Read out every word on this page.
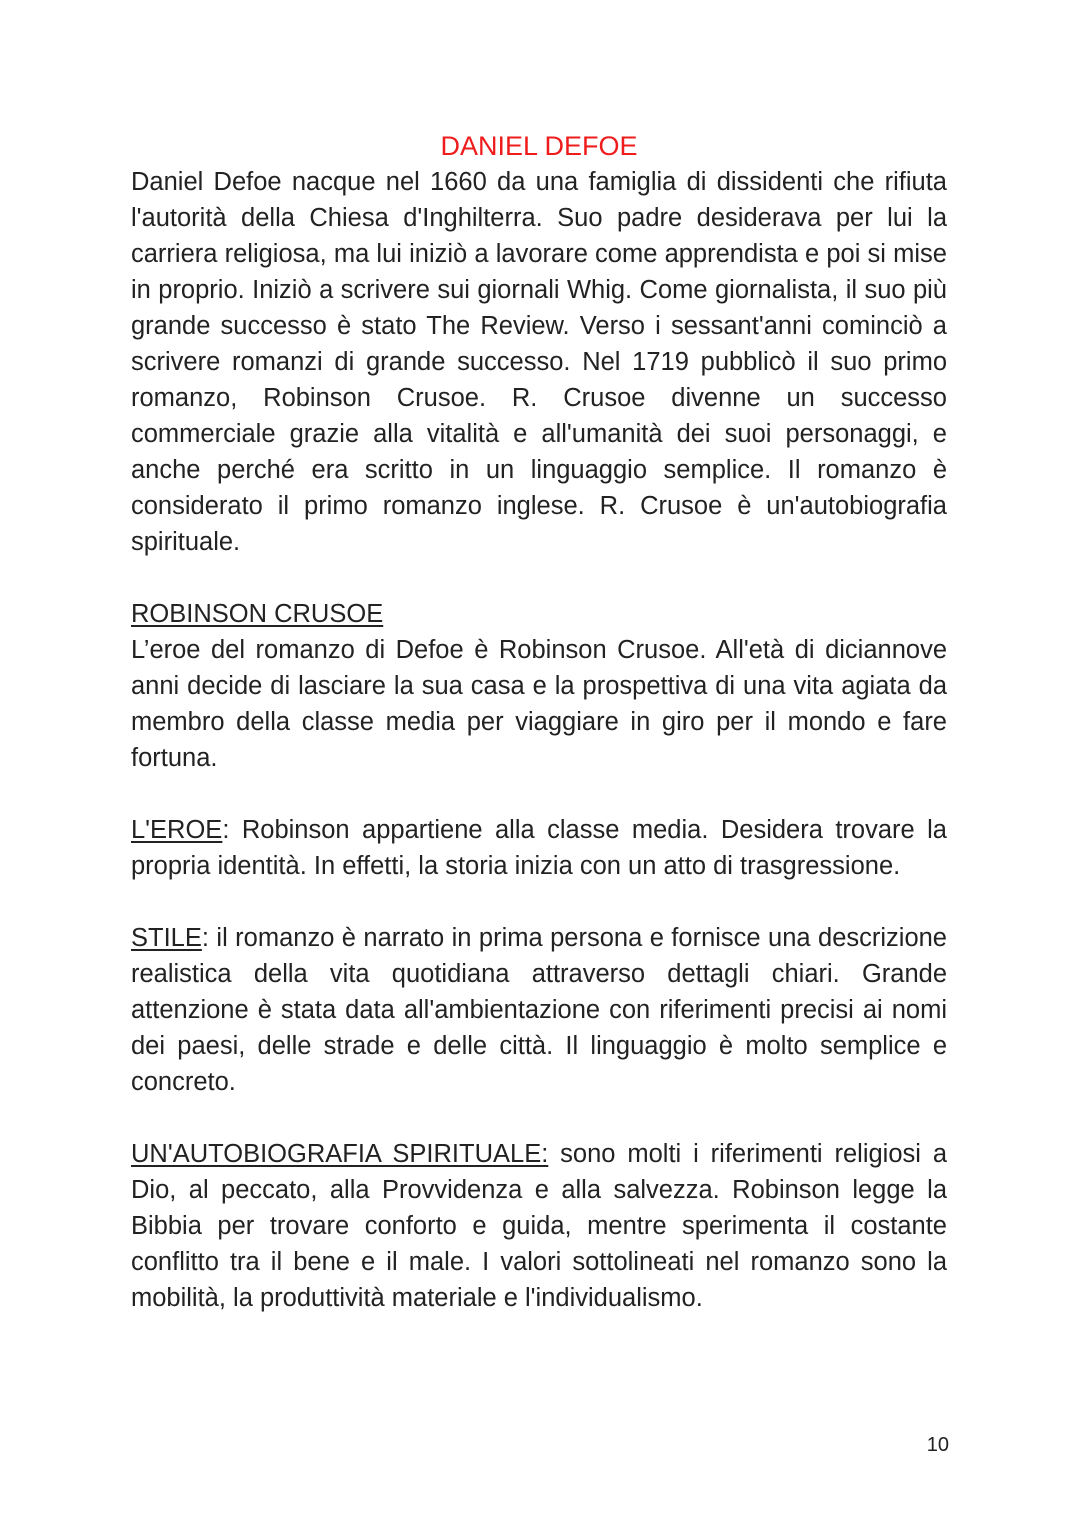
DANIEL DEFOE

Daniel Defoe nacque nel 1660 da una famiglia di dissidenti che rifiuta l'autorità della Chiesa d'Inghilterra. Suo padre desiderava per lui la carriera religiosa, ma lui iniziò a lavorare come apprendista e poi si mise in proprio. Iniziò a scrivere sui giornali Whig. Come giornalista, il suo più grande successo è stato The Review. Verso i sessant'anni cominciò a scrivere romanzi di grande successo. Nel 1719 pubblicò il suo primo romanzo, Robinson Crusoe. R. Crusoe divenne un successo commerciale grazie alla vitalità e all'umanità dei suoi personaggi, e anche perché era scritto in un linguaggio semplice. Il romanzo è considerato il primo romanzo inglese. R. Crusoe è un'autobiografia spirituale.

ROBINSON CRUSOE

L’eroe del romanzo di Defoe è Robinson Crusoe. All'età di diciannove anni decide di lasciare la sua casa e la prospettiva di una vita agiata da membro della classe media per viaggiare in giro per il mondo e fare fortuna.

L'EROE: Robinson appartiene alla classe media. Desidera trovare la propria identità. In effetti, la storia inizia con un atto di trasgressione.

STILE: il romanzo è narrato in prima persona e fornisce una descrizione realistica della vita quotidiana attraverso dettagli chiari. Grande attenzione è stata data all'ambientazione con riferimenti precisi ai nomi dei paesi, delle strade e delle città. Il linguaggio è molto semplice e concreto.

UN'AUTOBIOGRAFIA SPIRITUALE: sono molti i riferimenti religiosi a Dio, al peccato, alla Provvidenza e alla salvezza. Robinson legge la Bibbia per trovare conforto e guida, mentre sperimenta il costante conflitto tra il bene e il male. I valori sottolineati nel romanzo sono la mobilità, la produttività materiale e l'individualismo.

10
